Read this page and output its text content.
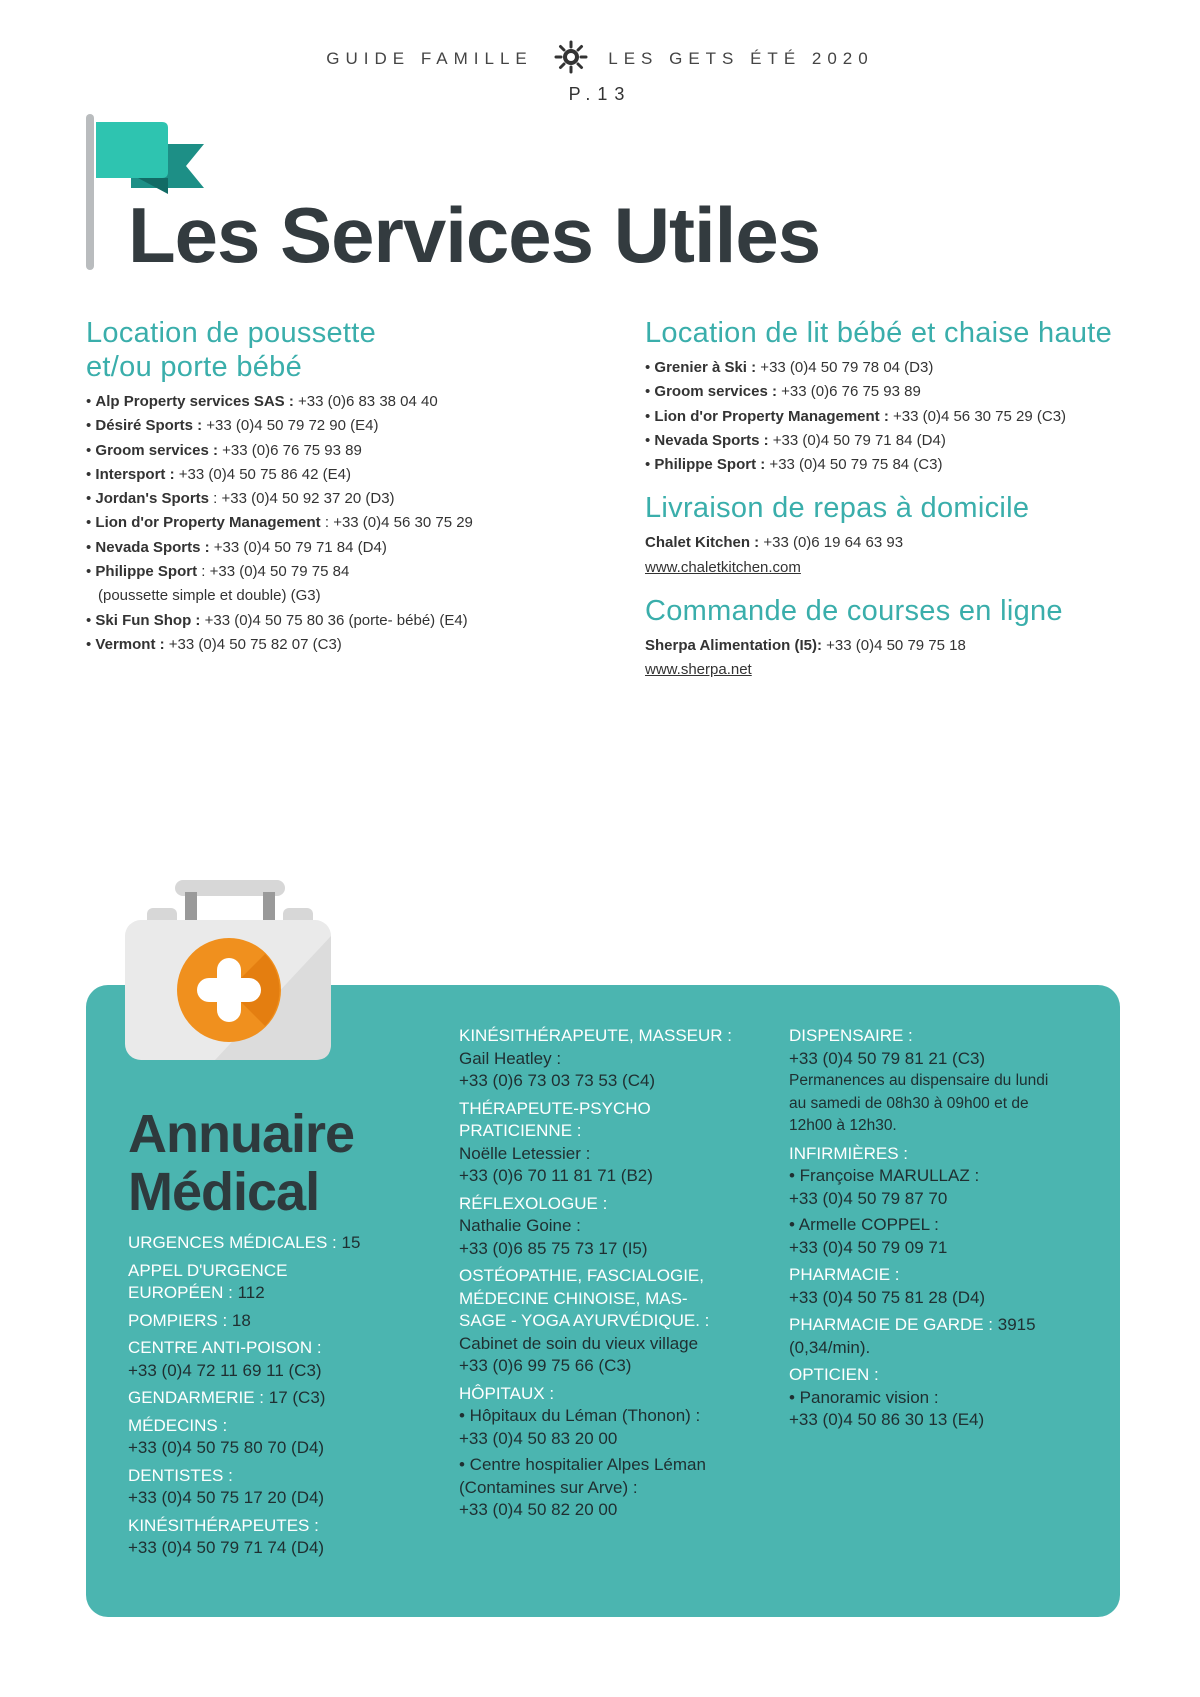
GUIDE FAMILLE	LES GETS ÉTÉ 2020
P.13
Les Services Utiles
Location de poussette
et/ou porte bébé
• Alp Property services SAS : +33 (0)6 83 38 04 40
• Désiré Sports : +33 (0)4 50 79 72 90 (E4)
• Groom services : +33 (0)6 76 75 93 89
• Intersport : +33 (0)4 50 75 86 42 (E4)
• Jordan's Sports : +33 (0)4 50 92 37 20 (D3)
• Lion d'or Property Management : +33 (0)4 56 30 75 29
• Nevada Sports : +33 (0)4 50 79 71 84 (D4)
• Philippe Sport : +33 (0)4 50 79 75 84
(poussette simple et double) (G3)
• Ski Fun Shop : +33 (0)4 50 75 80 36 (porte- bébé) (E4)
• Vermont : +33 (0)4 50 75 82 07 (C3)
Location de lit bébé et chaise haute
• Grenier à Ski : +33 (0)4 50 79 78 04 (D3)
• Groom services : +33 (0)6 76 75 93 89
• Lion d'or Property Management : +33 (0)4 56 30 75 29 (C3)
• Nevada Sports : +33 (0)4 50 79 71 84 (D4)
• Philippe Sport : +33 (0)4 50 79 75 84 (C3)
Livraison de repas à domicile
Chalet Kitchen : +33 (0)6 19 64 63 93
www.chaletkitchen.com
Commande de courses en ligne
Sherpa Alimentation (I5): +33 (0)4 50 79 75 18
www.sherpa.net
Annuaire
Médical
URGENCES MÉDICALES : 15
APPEL D'URGENCE
EUROPÉEN : 112
POMPIERS : 18
CENTRE ANTI-POISON :
+33 (0)4 72 11 69 11 (C3)
GENDARMERIE : 17 (C3)
MÉDECINS :
+33 (0)4 50 75 80 70 (D4)
DENTISTES :
+33 (0)4 50 75 17 20 (D4)
KINÉSITHÉRAPEUTES :
+33 (0)4 50 79 71 74 (D4)
KINÉSITHÉRAPEUTE, MASSEUR :
Gail Heatley :
+33 (0)6 73 03 73 53 (C4)
THÉRAPEUTE-PSYCHO
PRATICIENNE :
Noëlle Letessier :
+33 (0)6 70 11 81 71 (B2)
RÉFLEXOLOGUE :
Nathalie Goine :
+33 (0)6 85 75 73 17 (I5)
OSTÉOPATHIE, FASCIALOGIE,
MÉDECINE CHINOISE, MAS-
SAGE - YOGA AYURVÉDIQUE. :
Cabinet de soin du vieux village
+33 (0)6 99 75 66 (C3)
HÔPITAUX :
• Hôpitaux du Léman (Thonon) :
+33 (0)4 50 83 20 00
• Centre hospitalier Alpes Léman
(Contamines sur Arve) :
+33 (0)4 50 82 20 00
DISPENSAIRE :
+33 (0)4 50 79 81 21 (C3)
Permanences au dispensaire du lundi
au samedi de 08h30 à 09h00 et de
12h00 à 12h30.
INFIRMIÈRES :
• Françoise MARULLAZ :
+33 (0)4 50 79 87 70
• Armelle COPPEL :
+33 (0)4 50 79 09 71
PHARMACIE :
+33 (0)4 50 75 81 28 (D4)
PHARMACIE DE GARDE : 3915
(0,34/min).
OPTICIEN :
• Panoramic vision :
+33 (0)4 50 86 30 13 (E4)
